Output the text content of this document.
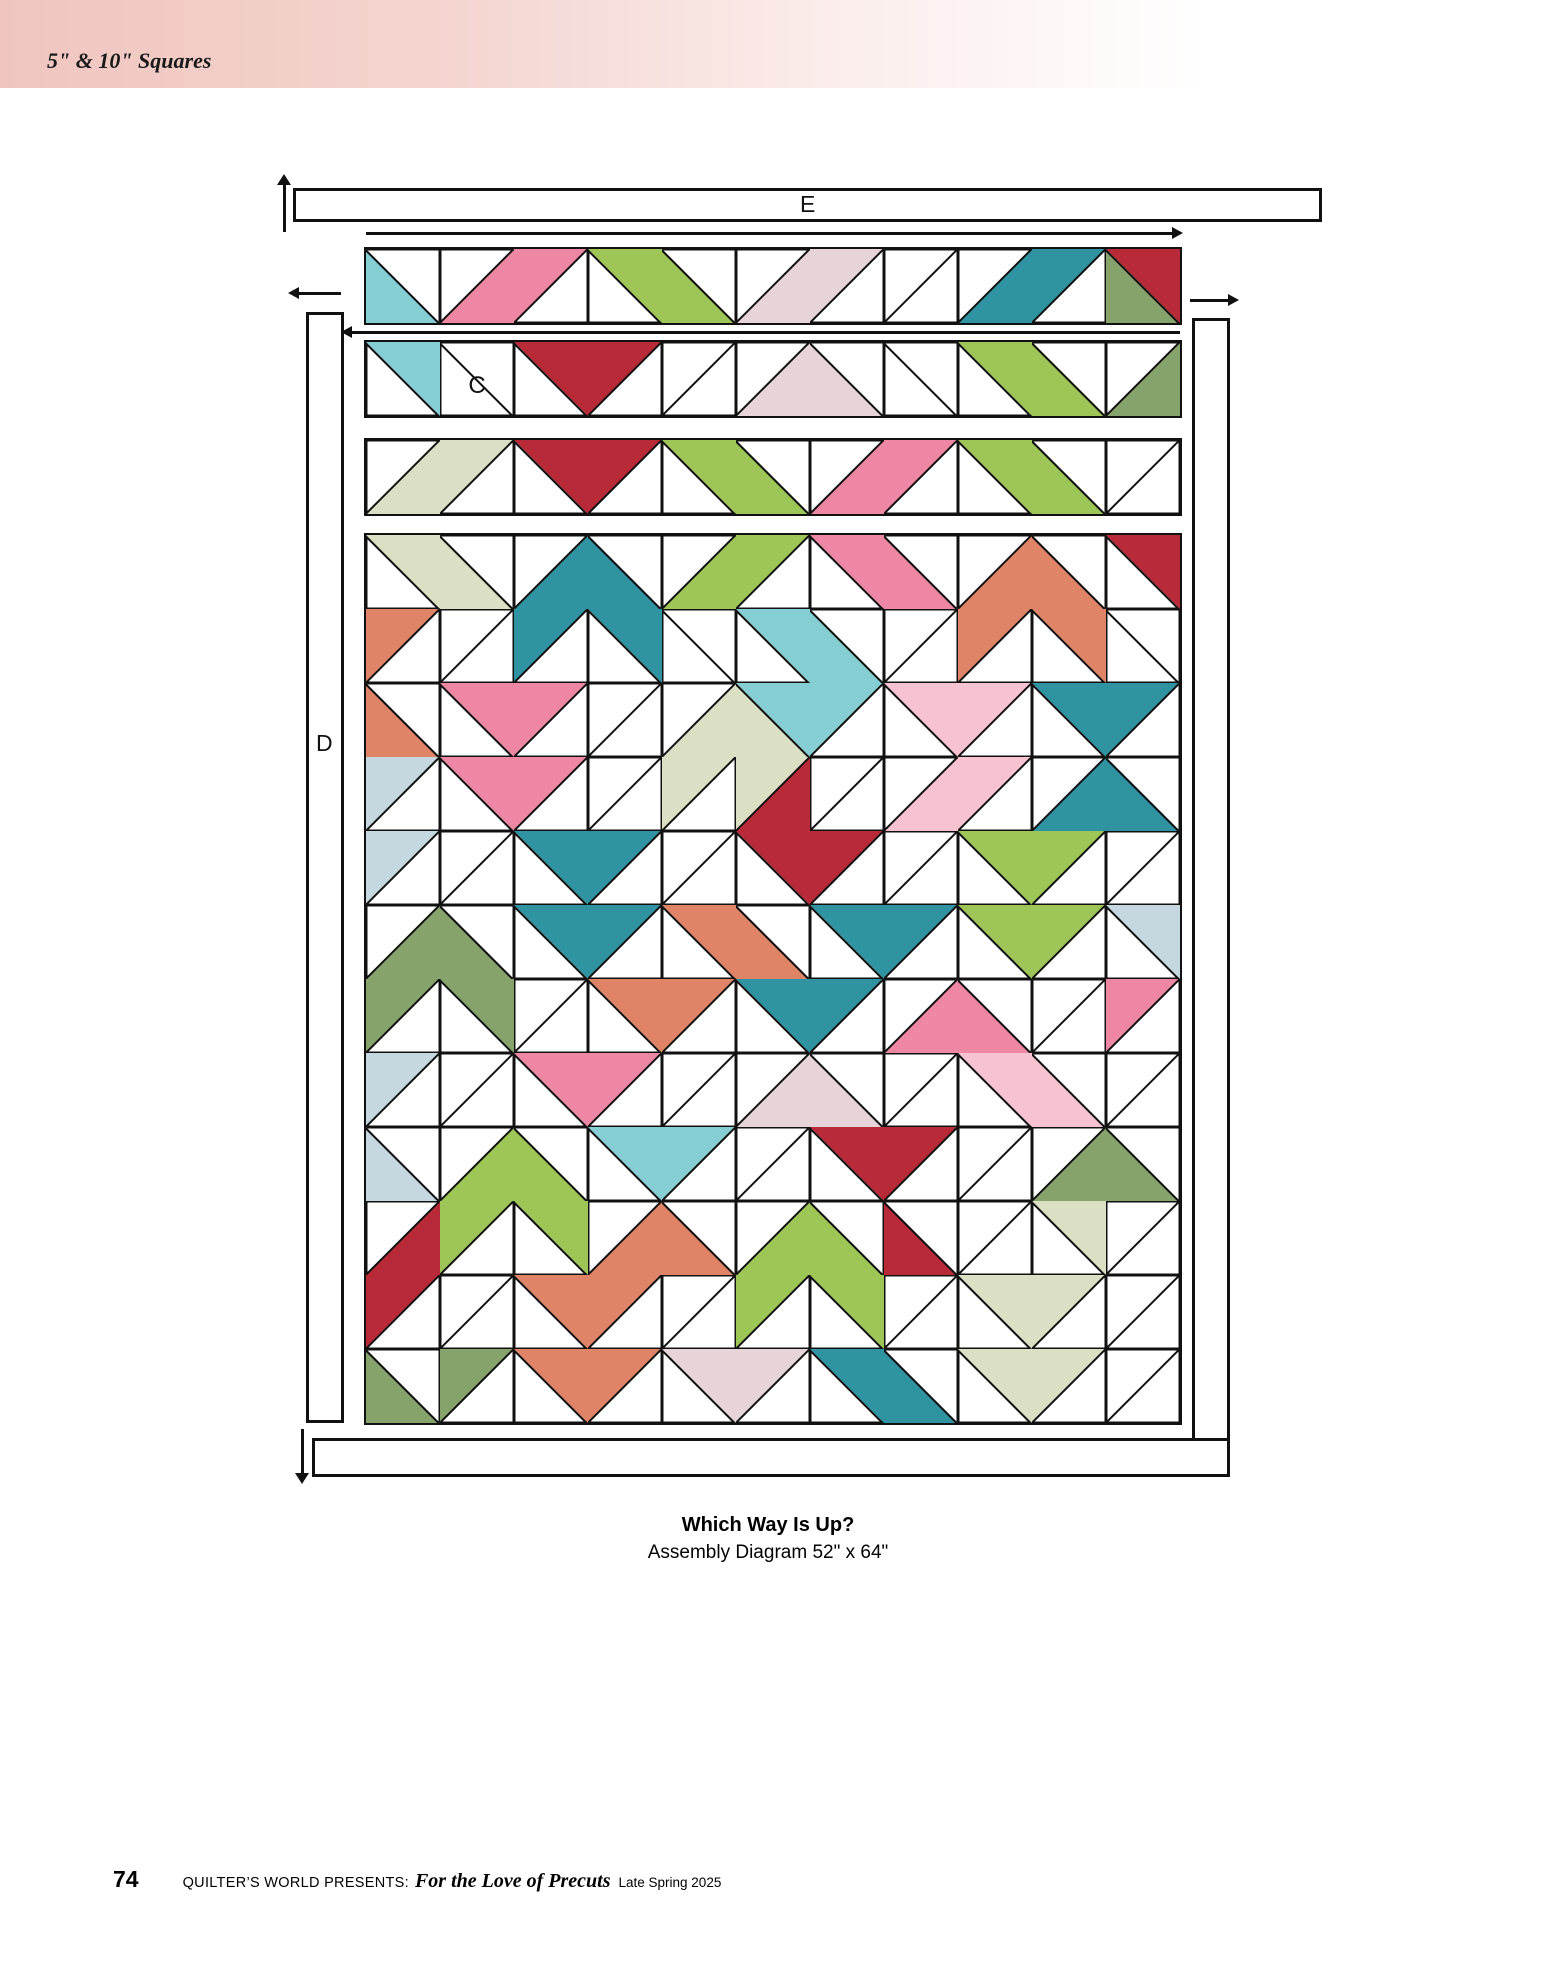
5" & 10" Squares
E
D
C
Which Way Is Up?
Assembly Diagram 52" x 64"
74	QUILTER’S WORLD PRESENTS: For the Love of Precuts Late Spring 2025
